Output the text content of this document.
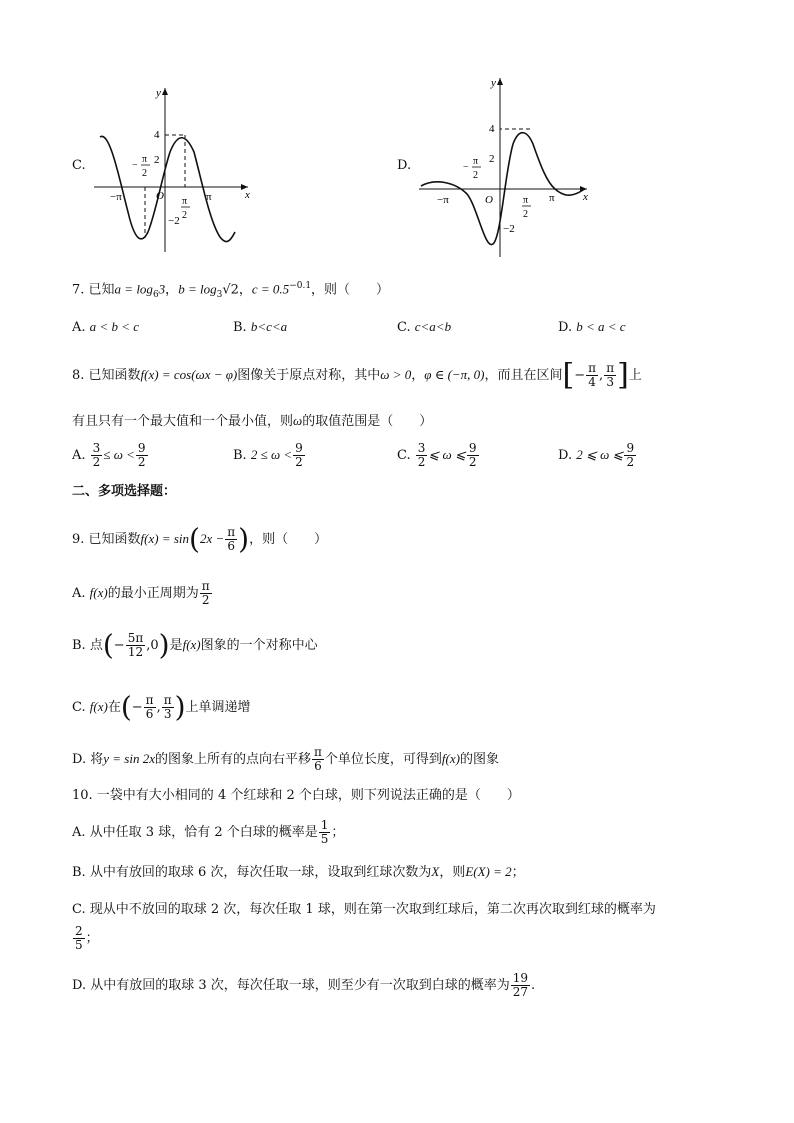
C.
y
x
4
2
−2
O
−π	π
−
π
2
π
2
D.
y
x
4
2
−2
O
−π	π
−
π
2
π
2
7. 已知$a = \log_63$，$b = \log_3√2$，$c = 0.5^{-0.1}$，则（　　）
A. a < b < c	B. b<c<a	C. c<a<b	D. b < a < c
8. 已知函数f(x) = cos(ωx − φ)图像关于原点对称，其中ω > 0，φ ∈ (−π, 0)，而且在区间[− $\frac{\pi}{4}$ , $\frac{\pi}{3}$ ]上
有且只有一个最大值和一个最小值，则ω的取值范围是（　　）
A. $\frac{3}{2} \le \omega < \frac{9}{2}$	B. $2 \le \omega < \frac{9}{2}$	C. $\frac{3}{2}$ ⩽ ω ⩽ $\frac{9}{2}$	D. 2 ⩽ ω ⩽ $\frac{9}{2}$
二、多项选择题：
9. 已知函数$f(x) = \sin(2x - \frac{\pi}{6}$ )，则（　　）
A. f(x)的最小正周期为 $\frac{\pi}{2}$
B. 点(− $\frac{5\pi}{12} ,0$)是f(x)图象的一个对称中心
C. f(x)在(− $\frac{\pi}{6}$ , $\frac{\pi}{3}$ )上单调递增
D. 将y = sin 2x的图象上所有的点向右平移 $\frac{\pi}{6}$ 个单位长度，可得到f(x)的图象
10. 一袋中有大小相同的 4 个红球和 2 个白球，则下列说法正确的是（　　）
A. 从中任取 3 球，恰有 2 个白球的概率是 $\frac{1}{5}$ ；
B. 从中有放回的取球 6 次，每次任取一球，设取到红球次数为X，则E(X) = 2；
C. 现从中不放回的取球 2 次，每次任取 1 球，则在第一次取到红球后，第二次再次取到红球的概率为
$\frac{2}{5}$ ；
D. 从中有放回的取球 3 次，每次任取一球，则至少有一次取到白球的概率为 $\frac{19}{27}$ .
